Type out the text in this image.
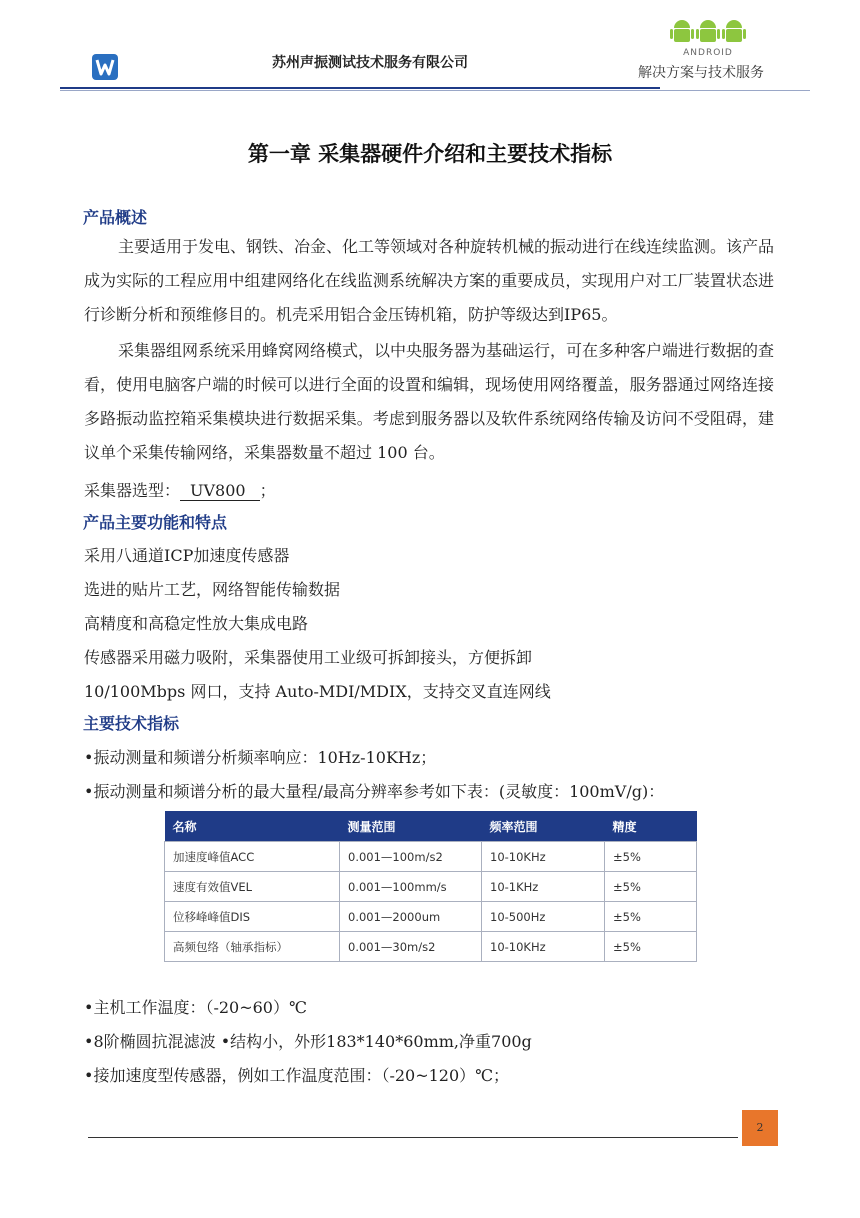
苏州声振测试技术服务有限公司
ANDROID
解决方案与技术服务
第一章 采集器硬件介绍和主要技术指标
产品概述

主要适用于发电、钢铁、冶金、化工等领域对各种旋转机械的振动进行在线连续监测。该产品成为实际的工程应用中组建网络化在线监测系统解决方案的重要成员，实现用户对工厂装置状态进行诊断分析和预维修目的。机壳采用铝合金压铸机箱，防护等级达到IP65。

采集器组网系统采用蜂窝网络模式，以中央服务器为基础运行，可在多种客户端进行数据的查看，使用电脑客户端的时候可以进行全面的设置和编辑，现场使用网络覆盖，服务器通过网络连接多路振动监控箱采集模块进行数据采集。考虑到服务器以及软件系统网络传输及访问不受阻碍，建议单个采集传输网络，采集器数量不超过 100 台。

采集器选型： UV800 ；
产品主要功能和特点
采用八通道ICP加速度传感器
选进的贴片工艺，网络智能传输数据
高精度和高稳定性放大集成电路
传感器采用磁力吸附，采集器使用工业级可拆卸接头，方便拆卸
10/100Mbps 网口，支持 Auto-MDI/MDIX，支持交叉直连网线
主要技术指标
•振动测量和频谱分析频率响应：10Hz-10KHz；
•振动测量和频谱分析的最大量程/最高分辨率参考如下表：(灵敏度：100mV/g)：
名称	测量范围	频率范围	精度
加速度峰值ACC	0.001—100m/s2	10-10KHz	±5%
速度有效值VEL	0.001—100mm/s	10-1KHz	±5%
位移峰峰值DIS	0.001—2000um	10-500Hz	±5%
高频包络（轴承指标）	0.001—30m/s2	10-10KHz	±5%
•主机工作温度：（-20~60）℃
•8阶椭圆抗混滤波 •结构小，外形183*140*60mm,净重700g
•接加速度型传感器，例如工作温度范围：（-20~120）℃；
2
